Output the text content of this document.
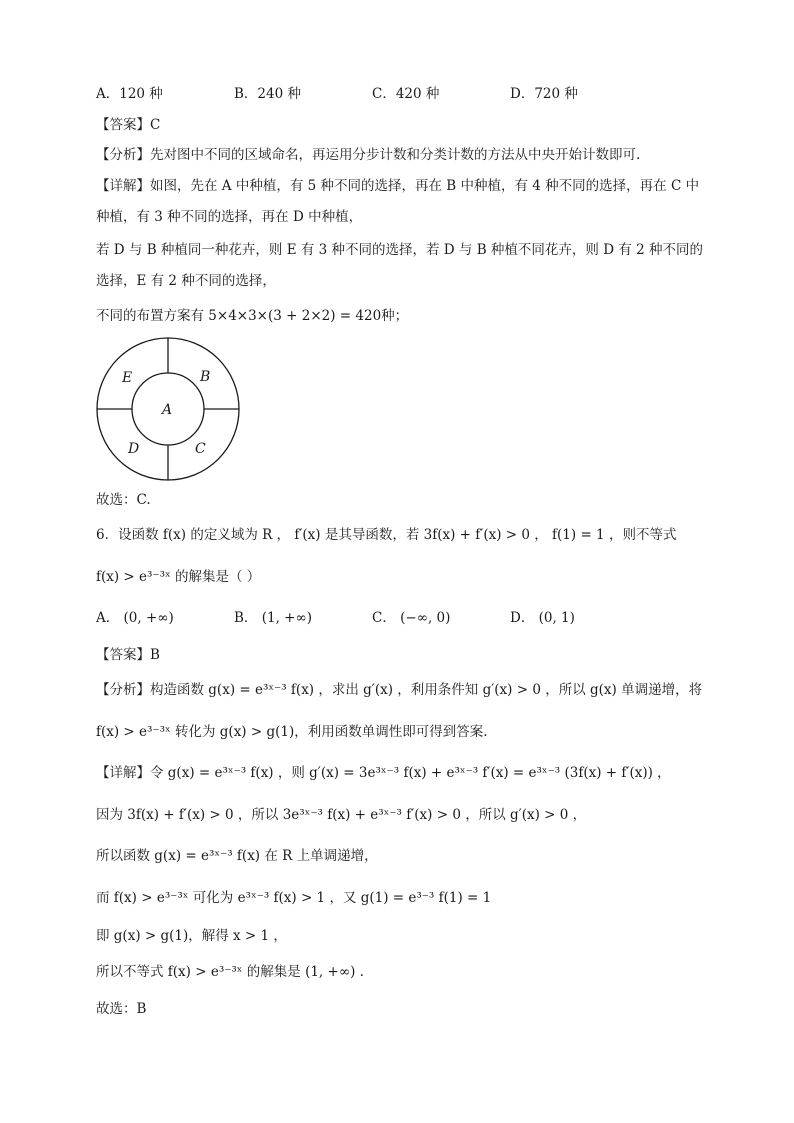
A．120 种	B．240 种	C．420 种	D．720 种
【答案】C
【分析】先对图中不同的区域命名，再运用分步计数和分类计数的方法从中央开始计数即可.
【详解】如图，先在 A 中种植，有 5 种不同的选择，再在 B 中种植，有 4 种不同的选择，再在 C 中
种植，有 3 种不同的选择，再在 D 中种植，
若 D 与 B 种植同一种花卉，则 E 有 3 种不同的选择，若 D 与 B 种植不同花卉，则 D 有 2 种不同的
选择，E 有 2 种不同的选择，
不同的布置方案有 5×4×3×(3 + 2×2) = 420种；
E	B
A
D	C
故选：C.
6．设函数 f(x) 的定义域为 R ， f′(x) 是其导函数，若 3f(x) + f′(x) > 0 ， f(1) = 1 ，则不等式
f(x) > e³⁻³ˣ 的解集是（ ）
A． (0, +∞)	B． (1, +∞)	C． (−∞, 0)	D． (0, 1)
【答案】B
【分析】构造函数 g(x) = e³ˣ⁻³ f(x) ，求出 g′(x) ，利用条件知 g′(x) > 0 ，所以 g(x) 单调递增，将
f(x) > e³⁻³ˣ 转化为 g(x) > g(1)，利用函数单调性即可得到答案.
【详解】令 g(x) = e³ˣ⁻³ f(x) ，则 g′(x) = 3e³ˣ⁻³ f(x) + e³ˣ⁻³ f′(x) = e³ˣ⁻³ (3f(x) + f′(x)) ，
因为 3f(x) + f′(x) > 0 ，所以 3e³ˣ⁻³ f(x) + e³ˣ⁻³ f′(x) > 0 ，所以 g′(x) > 0 ，
所以函数 g(x) = e³ˣ⁻³ f(x) 在 R 上单调递增，
而 f(x) > e³⁻³ˣ 可化为 e³ˣ⁻³ f(x) > 1 ，又 g(1) = e³⁻³ f(1) = 1
即 g(x) > g(1)，解得 x > 1 ，
所以不等式 f(x) > e³⁻³ˣ 的解集是 (1, +∞) .
故选：B
